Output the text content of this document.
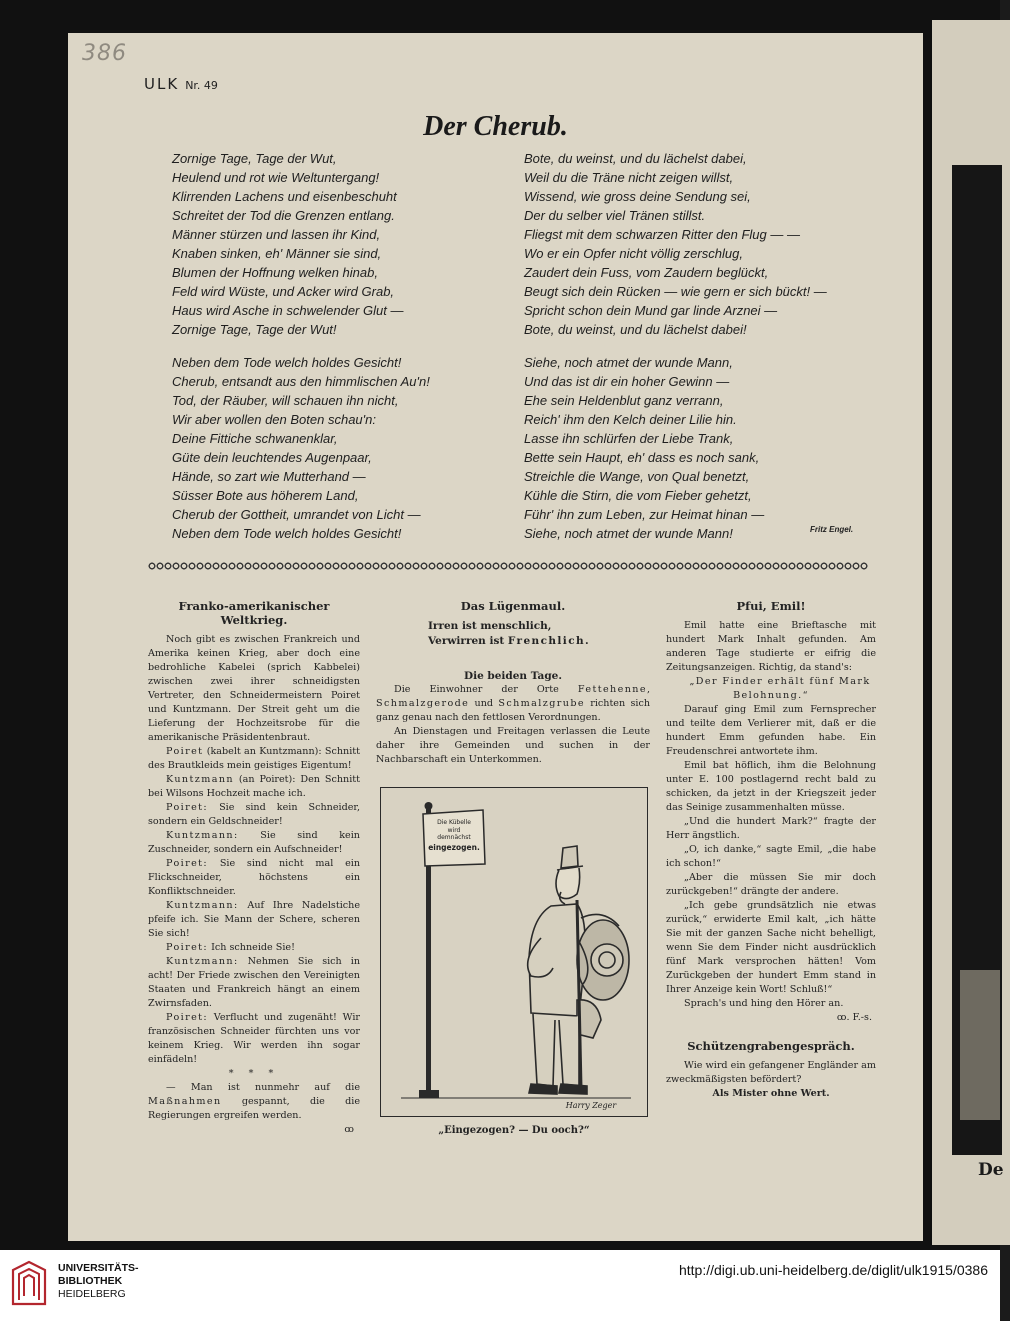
De
386
ULK Nr. 49
Der Cherub.
Zornige Tage, Tage der Wut,
Heulend und rot wie Weltuntergang!
Klirrenden Lachens und eisenbeschuht
Schreitet der Tod die Grenzen entlang.
Männer stürzen und lassen ihr Kind,
Knaben sinken, eh' Männer sie sind,
Blumen der Hoffnung welken hinab,
Feld wird Wüste, und Acker wird Grab,
Haus wird Asche in schwelender Glut —
Zornige Tage, Tage der Wut!
Neben dem Tode welch holdes Gesicht!
Cherub, entsandt aus den himmlischen Au'n!
Tod, der Räuber, will schauen ihn nicht,
Wir aber wollen den Boten schau'n:
Deine Fittiche schwanenklar,
Güte dein leuchtendes Augenpaar,
Hände, so zart wie Mutterhand —
Süsser Bote aus höherem Land,
Cherub der Gottheit, umrandet von Licht —
Neben dem Tode welch holdes Gesicht!
Bote, du weinst, und du lächelst dabei,
Weil du die Träne nicht zeigen willst,
Wissend, wie gross deine Sendung sei,
Der du selber viel Tränen stillst.
Fliegst mit dem schwarzen Ritter den Flug — —
Wo er ein Opfer nicht völlig zerschlug,
Zaudert dein Fuss, vom Zaudern beglückt,
Beugt sich dein Rücken — wie gern er sich bückt! —
Spricht schon dein Mund gar linde Arznei —
Bote, du weinst, und du lächelst dabei!
Siehe, noch atmet der wunde Mann,
Und das ist dir ein hoher Gewinn —
Ehe sein Heldenblut ganz verrann,
Reich' ihm den Kelch deiner Lilie hin.
Lasse ihn schlürfen der Liebe Trank,
Bette sein Haupt, eh' dass es noch sank,
Streichle die Wange, von Qual benetzt,
Kühle die Stirn, die vom Fieber gehetzt,
Führ' ihn zum Leben, zur Heimat hinan —
Siehe, noch atmet der wunde Mann!	Fritz Engel.
Franko-amerikanischer Weltkrieg.

Noch gibt es zwischen Frankreich und Amerika keinen Krieg, aber doch eine bedrohliche Kabelei (sprich Kabbelei) zwischen zwei ihrer schneidigsten Vertreter, den Schneidermeistern Poiret und Kuntzmann. Der Streit geht um die Lieferung der Hochzeitsrobe für die amerikanische Präsidentenbraut.

Poiret (kabelt an Kuntzmann): Schnitt des Brautkleids mein geistiges Eigentum!

Kuntzmann (an Poiret): Den Schnitt bei Wilsons Hochzeit mache ich.

Poiret: Sie sind kein Schneider, sondern ein Geldschneider!

Kuntzmann: Sie sind kein Zuschneider, sondern ein Aufschneider!

Poiret: Sie sind nicht mal ein Flickschneider, höchstens ein Konfliktschneider.

Kuntzmann: Auf Ihre Nadelstiche pfeife ich. Sie Mann der Schere, scheren Sie sich!

Poiret: Ich schneide Sie!

Kuntzmann: Nehmen Sie sich in acht! Der Friede zwischen den Vereinigten Staaten und Frankreich hängt an einem Zwirnsfaden.

Poiret: Verflucht und zugenäht! Wir französischen Schneider fürchten uns vor keinem Krieg. Wir werden ihn sogar einfädeln!

* * *

— Man ist nunmehr auf die Maßnahmen gespannt, die die Regierungen ergreifen werden.

ꝏ

Das Lügenmaul.

Irren ist menschlich,

Verwirren ist Frenchlich.

Die beiden Tage.

Die Einwohner der Orte Fettehenne, Schmalzgerode und Schmalzgrube richten sich ganz genau nach den fettlosen Verordnungen.

An Dienstagen und Freitagen verlassen die Leute daher ihre Gemeinden und suchen in der Nachbarschaft ein Unterkommen.

Die Kübelle
wird
demnächst
eingezogen.
Harry Zeger
„Eingezogen? — Du ooch?“
Pfui, Emil!

Emil hatte eine Brieftasche mit hundert Mark Inhalt gefunden. Am anderen Tage studierte er eifrig die Zeitungsanzeigen. Richtig, da stand's:

„Der Finder erhält fünf Mark Belohnung.“

Darauf ging Emil zum Fernsprecher und teilte dem Verlierer mit, daß er die hundert Emm gefunden habe. Ein Freudenschrei antwortete ihm.

Emil bat höflich, ihm die Belohnung unter E. 100 postlagernd recht bald zu schicken, da jetzt in der Kriegszeit jeder das Seinige zusammenhalten müsse.

„Und die hundert Mark?“ fragte der Herr ängstlich.

„O, ich danke,“ sagte Emil, „die habe ich schon!“

„Aber die müssen Sie mir doch zurückgeben!“ drängte der andere.

„Ich gebe grundsätzlich nie etwas zurück,“ erwiderte Emil kalt, „ich hätte Sie mit der ganzen Sache nicht behelligt, wenn Sie dem Finder nicht ausdrücklich fünf Mark versprochen hätten! Vom Zurückgeben der hundert Emm stand in Ihrer Anzeige kein Wort! Schluß!“

Sprach's und hing den Hörer an.

ꝏ. F.-s.

Schützengrabengespräch.

Wie wird ein gefangener Engländer am zweckmäßigsten befördert?

Als Mister ohne Wert.

UNIVERSITÄTS-
BIBLIOTHEK
HEIDELBERG
http://digi.ub.uni-heidelberg.de/diglit/ulk1915/0386
